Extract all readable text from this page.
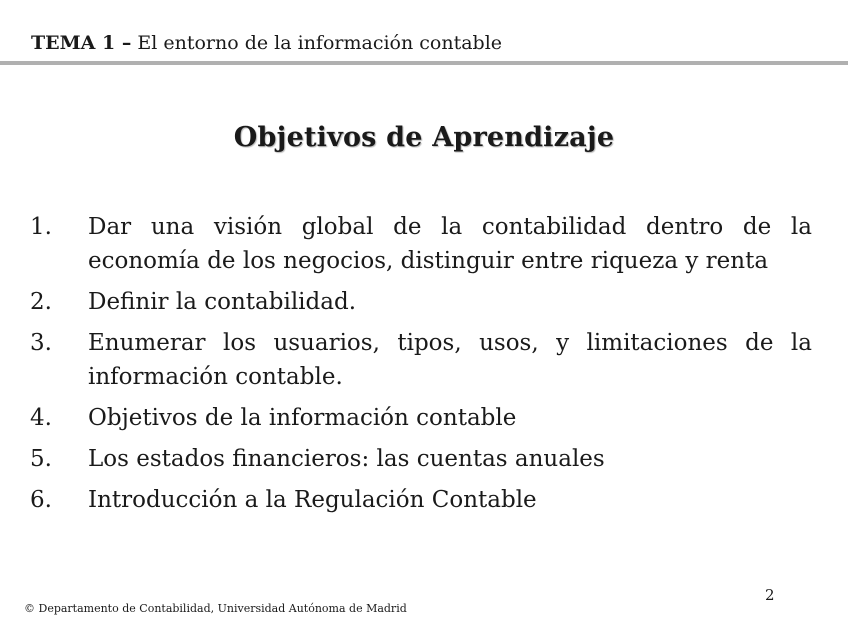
TEMA 1 – El entorno de la información contable
Objetivos de Aprendizaje
1. Dar una visión global de la contabilidad dentro de la economía de los negocios, distinguir entre riqueza y renta
2. Definir la contabilidad.
3. Enumerar los usuarios, tipos, usos, y limitaciones de la información contable.
4. Objetivos de la información contable
5. Los estados financieros: las cuentas anuales
6. Introducción a la Regulación Contable
2
© Departamento de Contabilidad, Universidad Autónoma de Madrid
